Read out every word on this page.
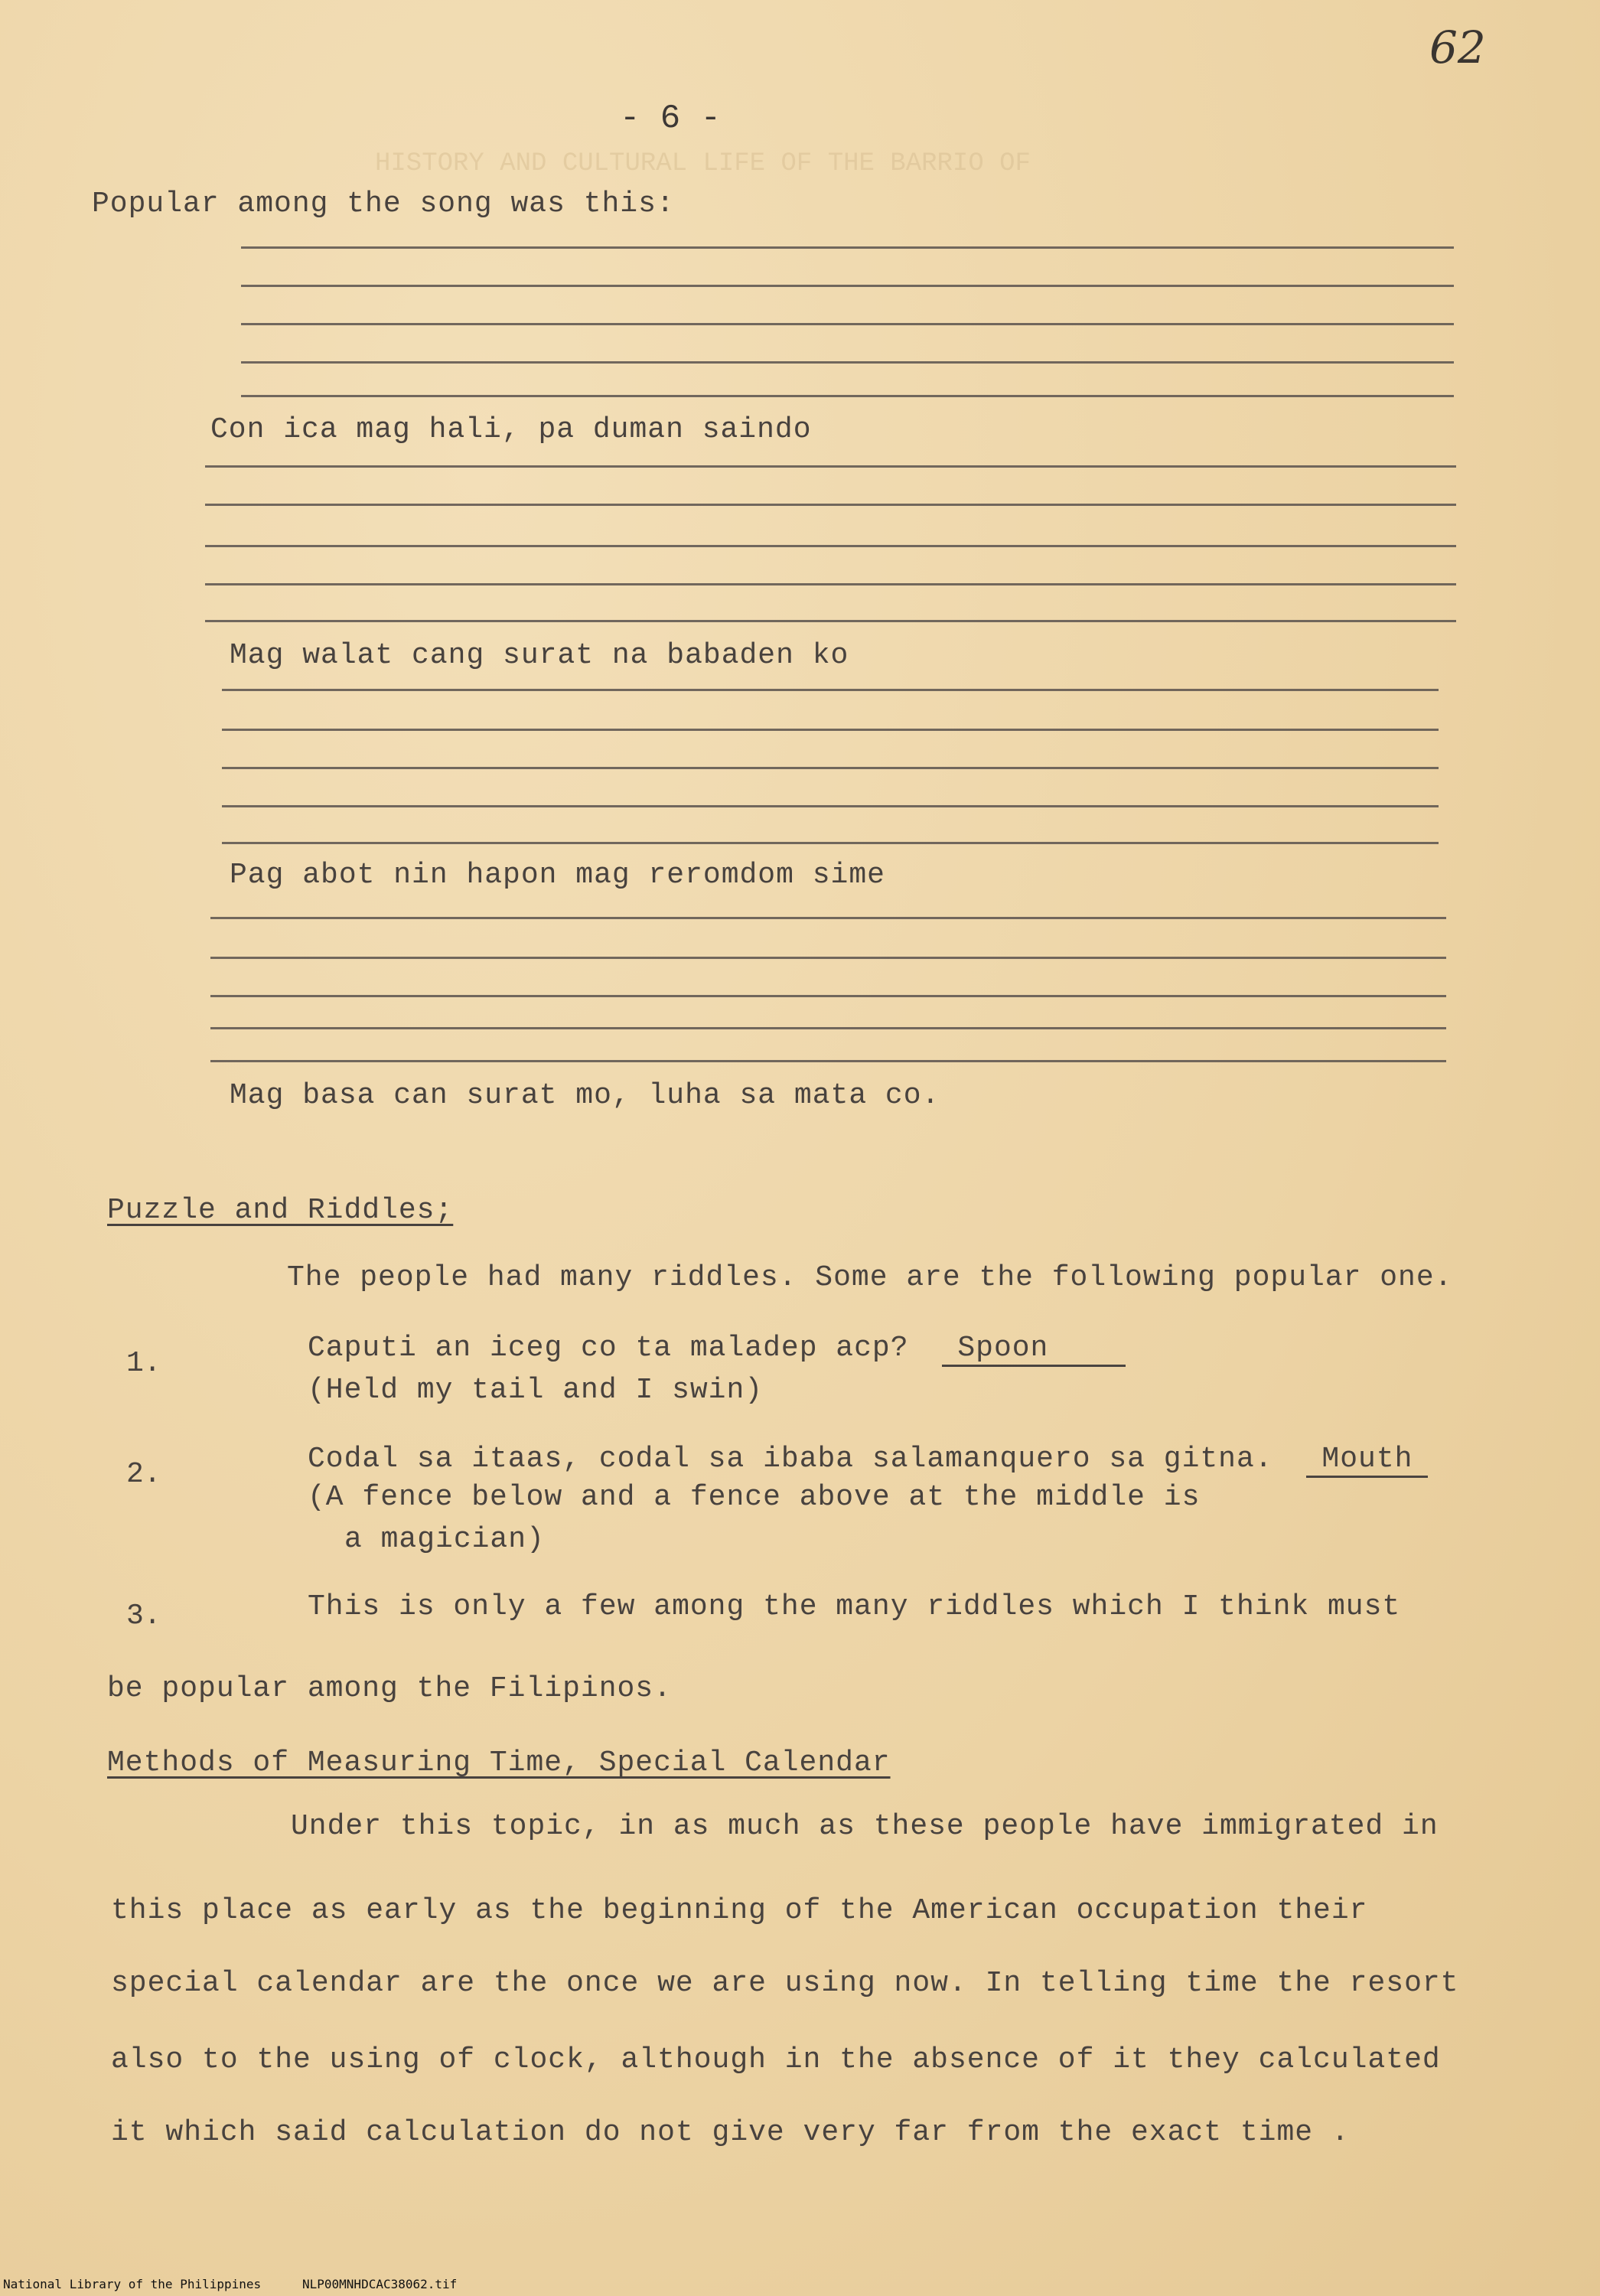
HISTORY AND CULTURAL LIFE OF THE BARRIO OF
62
- 6 -
Popular among the song was this:
Con ica mag hali, pa duman saindo
Mag walat cang surat na babaden ko
Pag abot nin hapon mag reromdom sime
Mag basa can surat mo, luha sa mata co.
Puzzle and Riddles;
The people had many riddles. Some are the following popular one.
1.	Caputi an iceg co ta maladep acp? Spoon
(Held my tail and I swin)
2.	Codal sa itaas, codal sa ibaba salamanquero sa gitna. Mouth
(A fence below and a fence above at the middle is
a magician)
3.	This is only a few among the many riddles which I think must
be popular among the Filipinos.
Methods of Measuring Time, Special Calendar
Under this topic, in as much as these people have immigrated in
this place as early as the beginning of the American occupation their
special calendar are the once we are using now. In telling time the resort
also to the using of clock, although in the absence of it they calculated
it which said calculation do not give very far from the exact time .
National Library of the Philippines	NLP00MNHDCAC38062.tif
